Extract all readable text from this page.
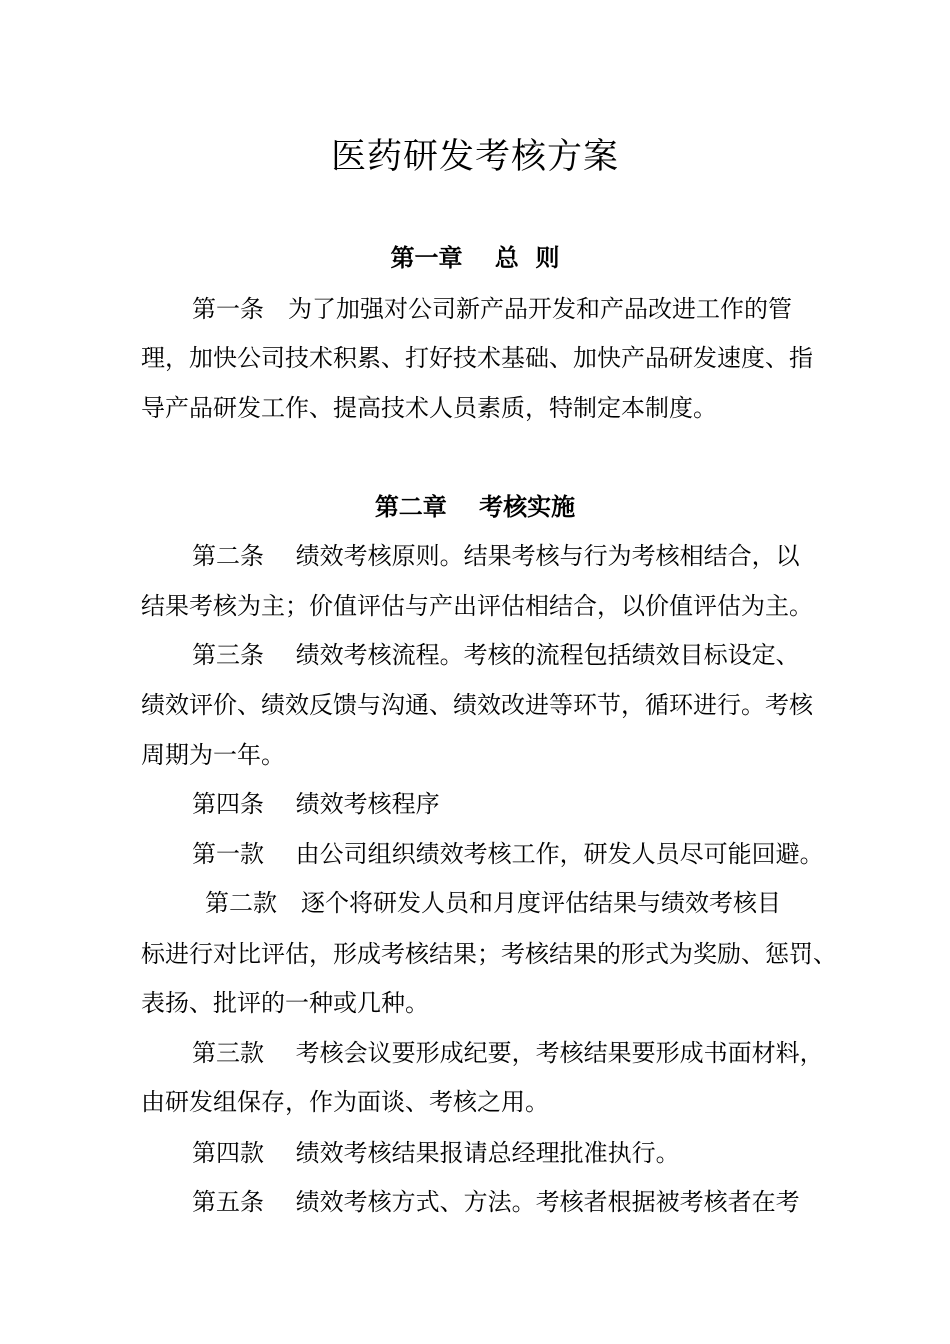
医药研发考核方案
第一章　 总  则
第一条　为了加强对公司新产品开发和产品改进工作的管
理，加快公司技术积累、打好技术基础、加快产品研发速度、指
导产品研发工作、提高技术人员素质，特制定本制度。
第二章　 考核实施
第二条　 绩效考核原则。结果考核与行为考核相结合，以
结果考核为主；价值评估与产出评估相结合，以价值评估为主。
第三条　 绩效考核流程。考核的流程包括绩效目标设定、
绩效评价、绩效反馈与沟通、绩效改进等环节，循环进行。考核
周期为一年。
第四条　 绩效考核程序
第一款　 由公司组织绩效考核工作，研发人员尽可能回避。
第二款　逐个将研发人员和月度评估结果与绩效考核目
标进行对比评估，形成考核结果；考核结果的形式为奖励、惩罚、
表扬、批评的一种或几种。
第三款　 考核会议要形成纪要，考核结果要形成书面材料，
由研发组保存，作为面谈、考核之用。
第四款　 绩效考核结果报请总经理批准执行。
第五条　 绩效考核方式、方法。考核者根据被考核者在考
